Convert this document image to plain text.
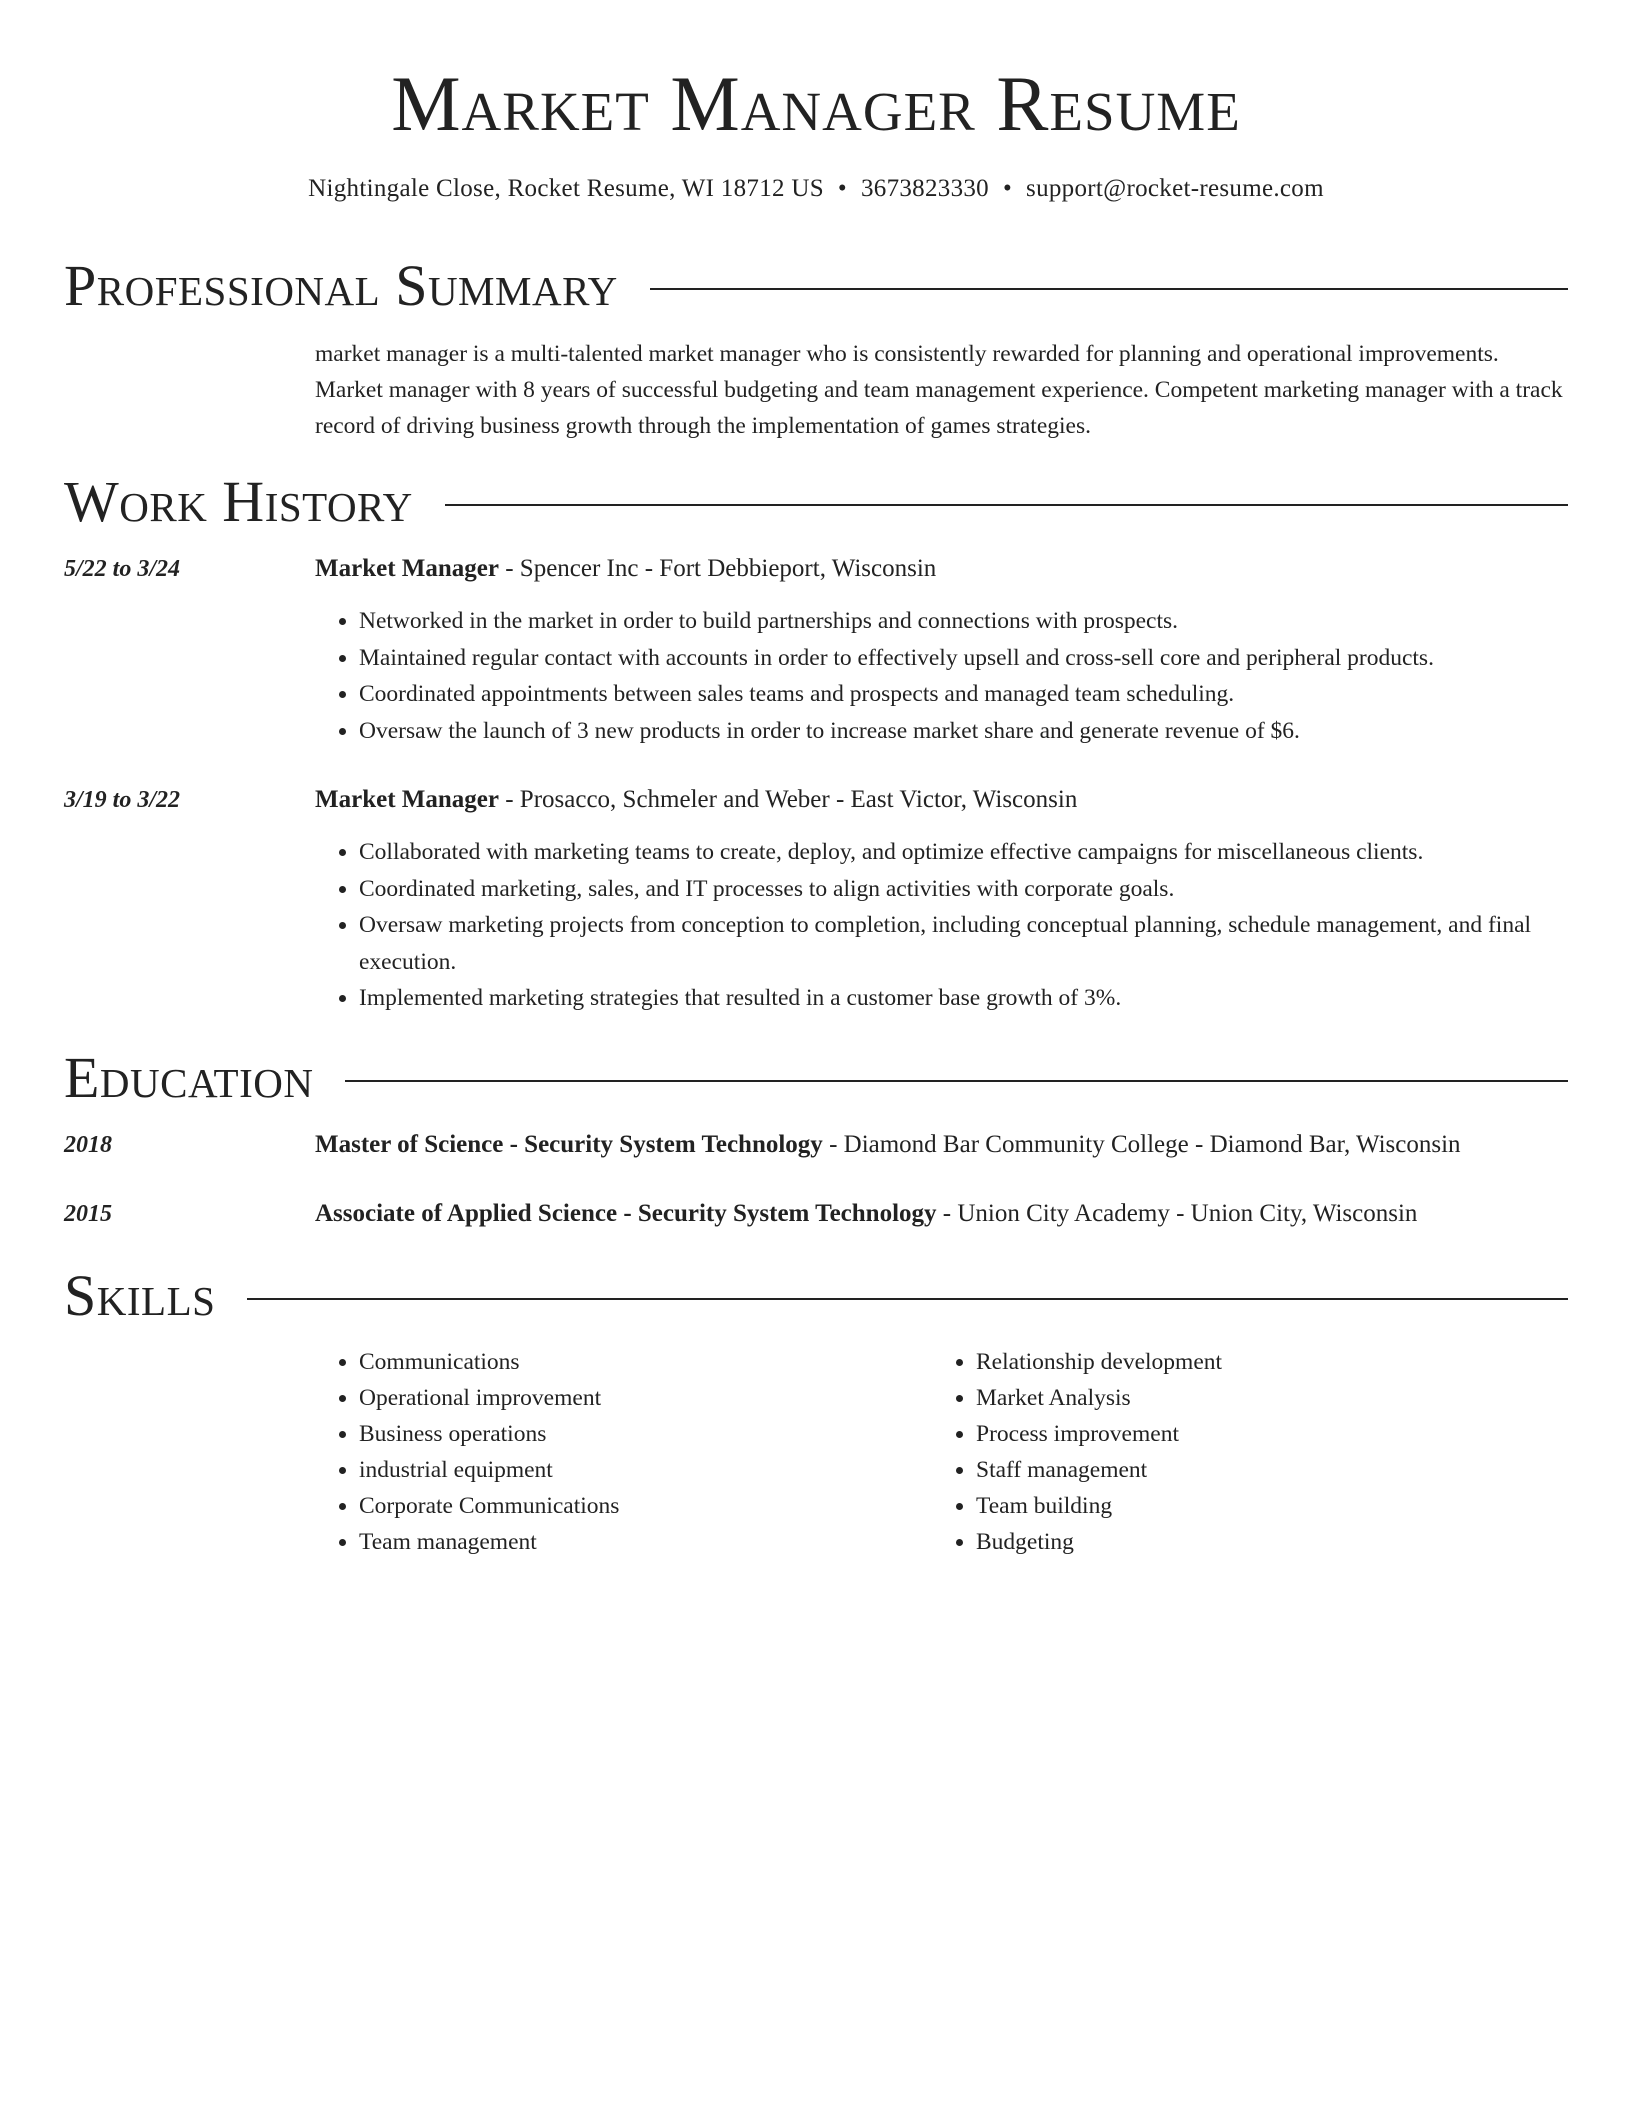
Market Manager Resume
Nightingale Close, Rocket Resume, WI 18712 US • 3673823330 • support@rocket-resume.com
Professional Summary

market manager is a multi-talented market manager who is consistently rewarded for planning and operational improvements. Market manager with 8 years of successful budgeting and team management experience. Competent marketing manager with a track record of driving business growth through the implementation of games strategies.

Work History
5/22 to 3/24	Market Manager - Spencer Inc - Fort Debbieport, Wisconsin

• Networked in the market in order to build partnerships and connections with prospects.
• Maintained regular contact with accounts in order to effectively upsell and cross-sell core and peripheral products.
• Coordinated appointments between sales teams and prospects and managed team scheduling.
• Oversaw the launch of 3 new products in order to increase market share and generate revenue of $6.
3/19 to 3/22	Market Manager - Prosacco, Schmeler and Weber - East Victor, Wisconsin

• Collaborated with marketing teams to create, deploy, and optimize effective campaigns for miscellaneous clients.
• Coordinated marketing, sales, and IT processes to align activities with corporate goals.
• Oversaw marketing projects from conception to completion, including conceptual planning, schedule management, and final execution.
• Implemented marketing strategies that resulted in a customer base growth of 3%.
Education
2018	Master of Science - Security System Technology - Diamond Bar Community College - Diamond Bar, Wisconsin

2015	Associate of Applied Science - Security System Technology - Union City Academy - Union City, Wisconsin

Skills
• Communications
• Operational improvement
• Business operations
• industrial equipment
• Corporate Communications
• Team management
• Relationship development
• Market Analysis
• Process improvement
• Staff management
• Team building
• Budgeting
